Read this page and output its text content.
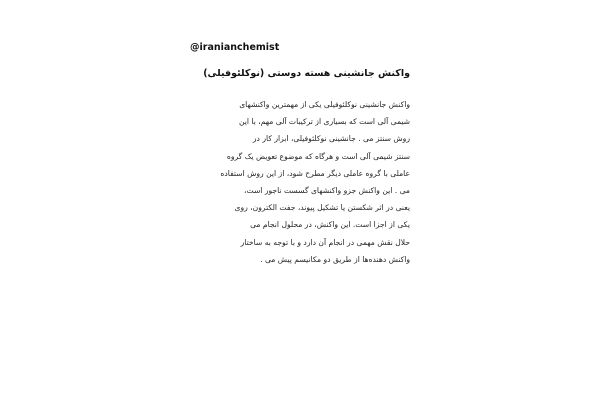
@iranianchemist
واکنش جانشینی هسته دوستی (نوکلئوفیلی)
واکنش جانشینی نوکلئوفیلی یکی از مهمترین واکنشهای
شیمی آلی است که بسیاری از ترکیبات آلی مهم، با این
روش سنتز می . جانشینی نوکلئوفیلی، ابزار کار در
سنتز شیمی آلی است و هرگاه که موضوع تعویض یک گروه
عاملی با گروه عاملی دیگر مطرح شود، از این روش استفاده
می . این واکنش جزو واکنشهای گسست ناجور است،
یعنی در اثر شکستن یا تشکیل پیوند، جفت الکترون، روی
یکی از اجزا است. این واکنش، در محلول انجام می
حلال نقش مهمی در انجام آن دارد و با توجه به ساختار
واکنش دهنده‌ها از طریق دو مکانیسم پیش می .
